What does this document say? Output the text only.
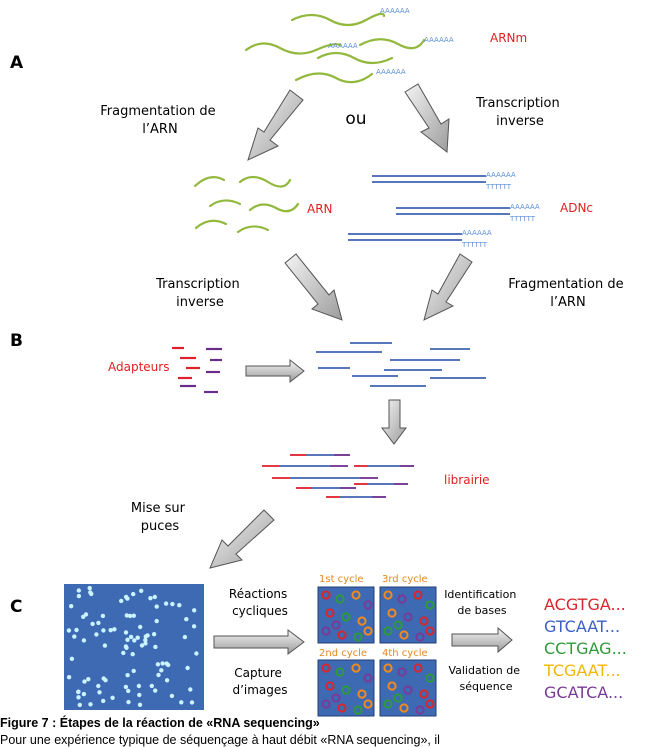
A
B
C
AAAAAA
AAAAAA
AAAAAA
AAAAAA
ARNm
Fragmentation de l’ARN
ou
Transcription inverse
ARN
AAAAAA
TTTTTT
AAAAAA
TTTTTT
AAAAAA
TTTTTT
ADNc
Transcription inverse
Fragmentation de l’ARN
Adapteurs
librairie
Mise sur puces
Réactions cycliques
Capture d’images
1st cycle 3rd cycle
2nd cycle 4th cycle
Identification de bases
Validation de séquence
ACGTGA...
GTCAAT...
CCTGAG...
TCGAAT...
GCATCA...
Figure 7 : Étapes de la réaction de «RNA sequencing»
Pour une expérience typique de séquençage à haut débit «RNA sequencing», il
